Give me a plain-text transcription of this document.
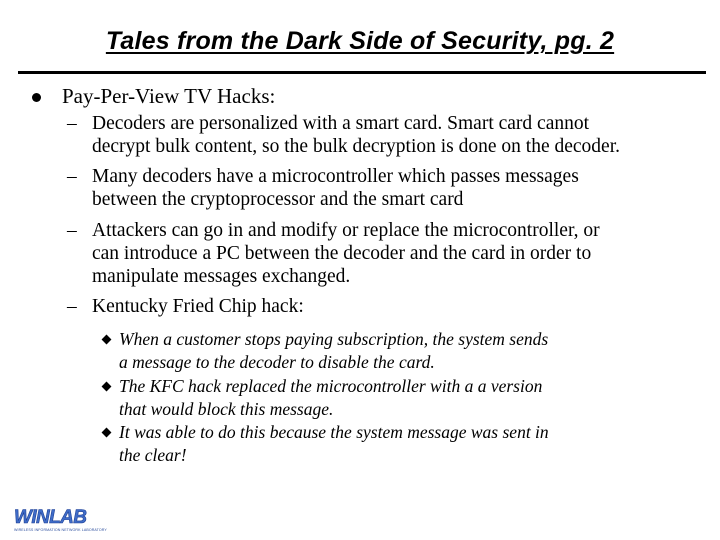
Tales from the Dark Side of Security, pg. 2
Pay-Per-View TV Hacks:
– Decoders are personalized with a smart card. Smart card cannot
decrypt bulk content, so the bulk decryption is done on the decoder.
– Many decoders have a microcontroller which passes messages
between the cryptoprocessor and the smart card
– Attackers can go in and modify or replace the microcontroller, or
can introduce a PC between the decoder and the card in order to
manipulate messages exchanged.
– Kentucky Fried Chip hack:
When a customer stops paying subscription, the system sends
a message to the decoder to disable the card.
The KFC hack replaced the microcontroller with a a version
that would block this message.
It was able to do this because the system message was sent in
the clear!
WINLAB
WIRELESS INFORMATION NETWORK LABORATORY
